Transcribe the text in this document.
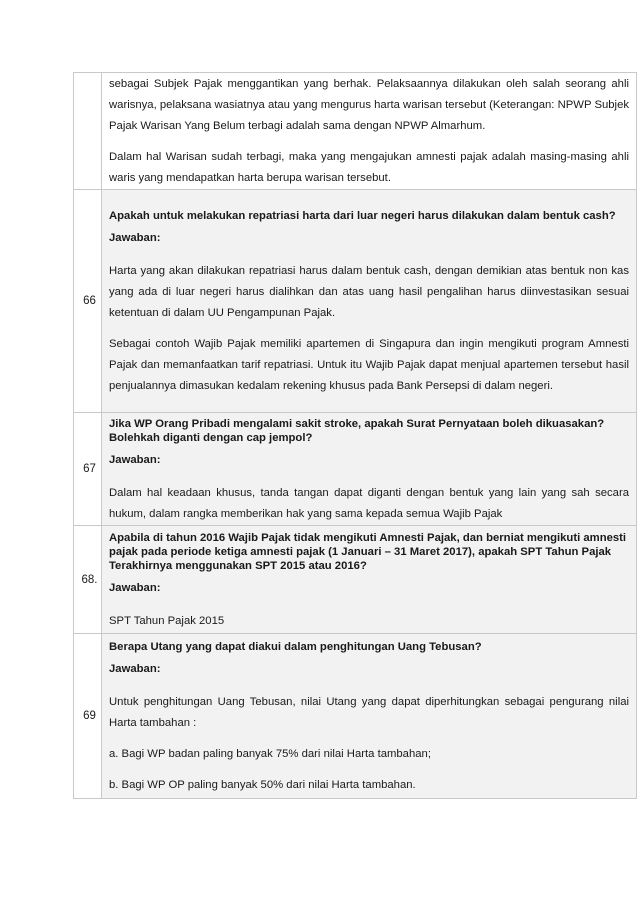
	sebagai Subjek Pajak menggantikan yang berhak. Pelaksaannya dilakukan oleh salah seorang ahli warisnya, pelaksana wasiatnya atau yang mengurus harta warisan tersebut (Keterangan: NPWP Subjek Pajak Warisan Yang Belum terbagi adalah sama dengan NPWP Almarhum.

Dalam hal Warisan sudah terbagi, maka yang mengajukan amnesti pajak adalah masing-masing ahli waris yang mendapatkan harta berupa warisan tersebut.

66	Apakah untuk melakukan repatriasi harta dari luar negeri harus dilakukan dalam bentuk cash?

Jawaban:

Harta yang akan dilakukan repatriasi harus dalam bentuk cash, dengan demikian atas bentuk non kas yang ada di luar negeri harus dialihkan dan atas uang hasil pengalihan harus diinvestasikan sesuai ketentuan di dalam UU Pengampunan Pajak.

Sebagai contoh Wajib Pajak memiliki apartemen di Singapura dan ingin mengikuti program Amnesti Pajak dan memanfaatkan tarif repatriasi. Untuk itu Wajib Pajak dapat menjual apartemen tersebut hasil penjualannya dimasukan kedalam rekening khusus pada Bank Persepsi di dalam negeri.

67	Jika WP Orang Pribadi mengalami sakit stroke, apakah Surat Pernyataan boleh dikuasakan? Bolehkah diganti dengan cap jempol?

Jawaban:

Dalam hal keadaan khusus, tanda tangan dapat diganti dengan bentuk yang lain yang sah secara hukum, dalam rangka memberikan hak yang sama kepada semua Wajib Pajak

68.	Apabila di tahun 2016 Wajib Pajak tidak mengikuti Amnesti Pajak, dan berniat mengikuti amnesti pajak pada periode ketiga amnesti pajak (1 Januari – 31 Maret 2017), apakah SPT Tahun Pajak Terakhirnya menggunakan SPT 2015 atau 2016?

Jawaban:

SPT Tahun Pajak 2015

69	Berapa Utang yang dapat diakui dalam penghitungan Uang Tebusan?

Jawaban:

Untuk penghitungan Uang Tebusan, nilai Utang yang dapat diperhitungkan sebagai pengurang nilai Harta tambahan :

a. Bagi WP badan paling banyak 75% dari nilai Harta tambahan;

b. Bagi WP OP paling banyak 50% dari nilai Harta tambahan.
